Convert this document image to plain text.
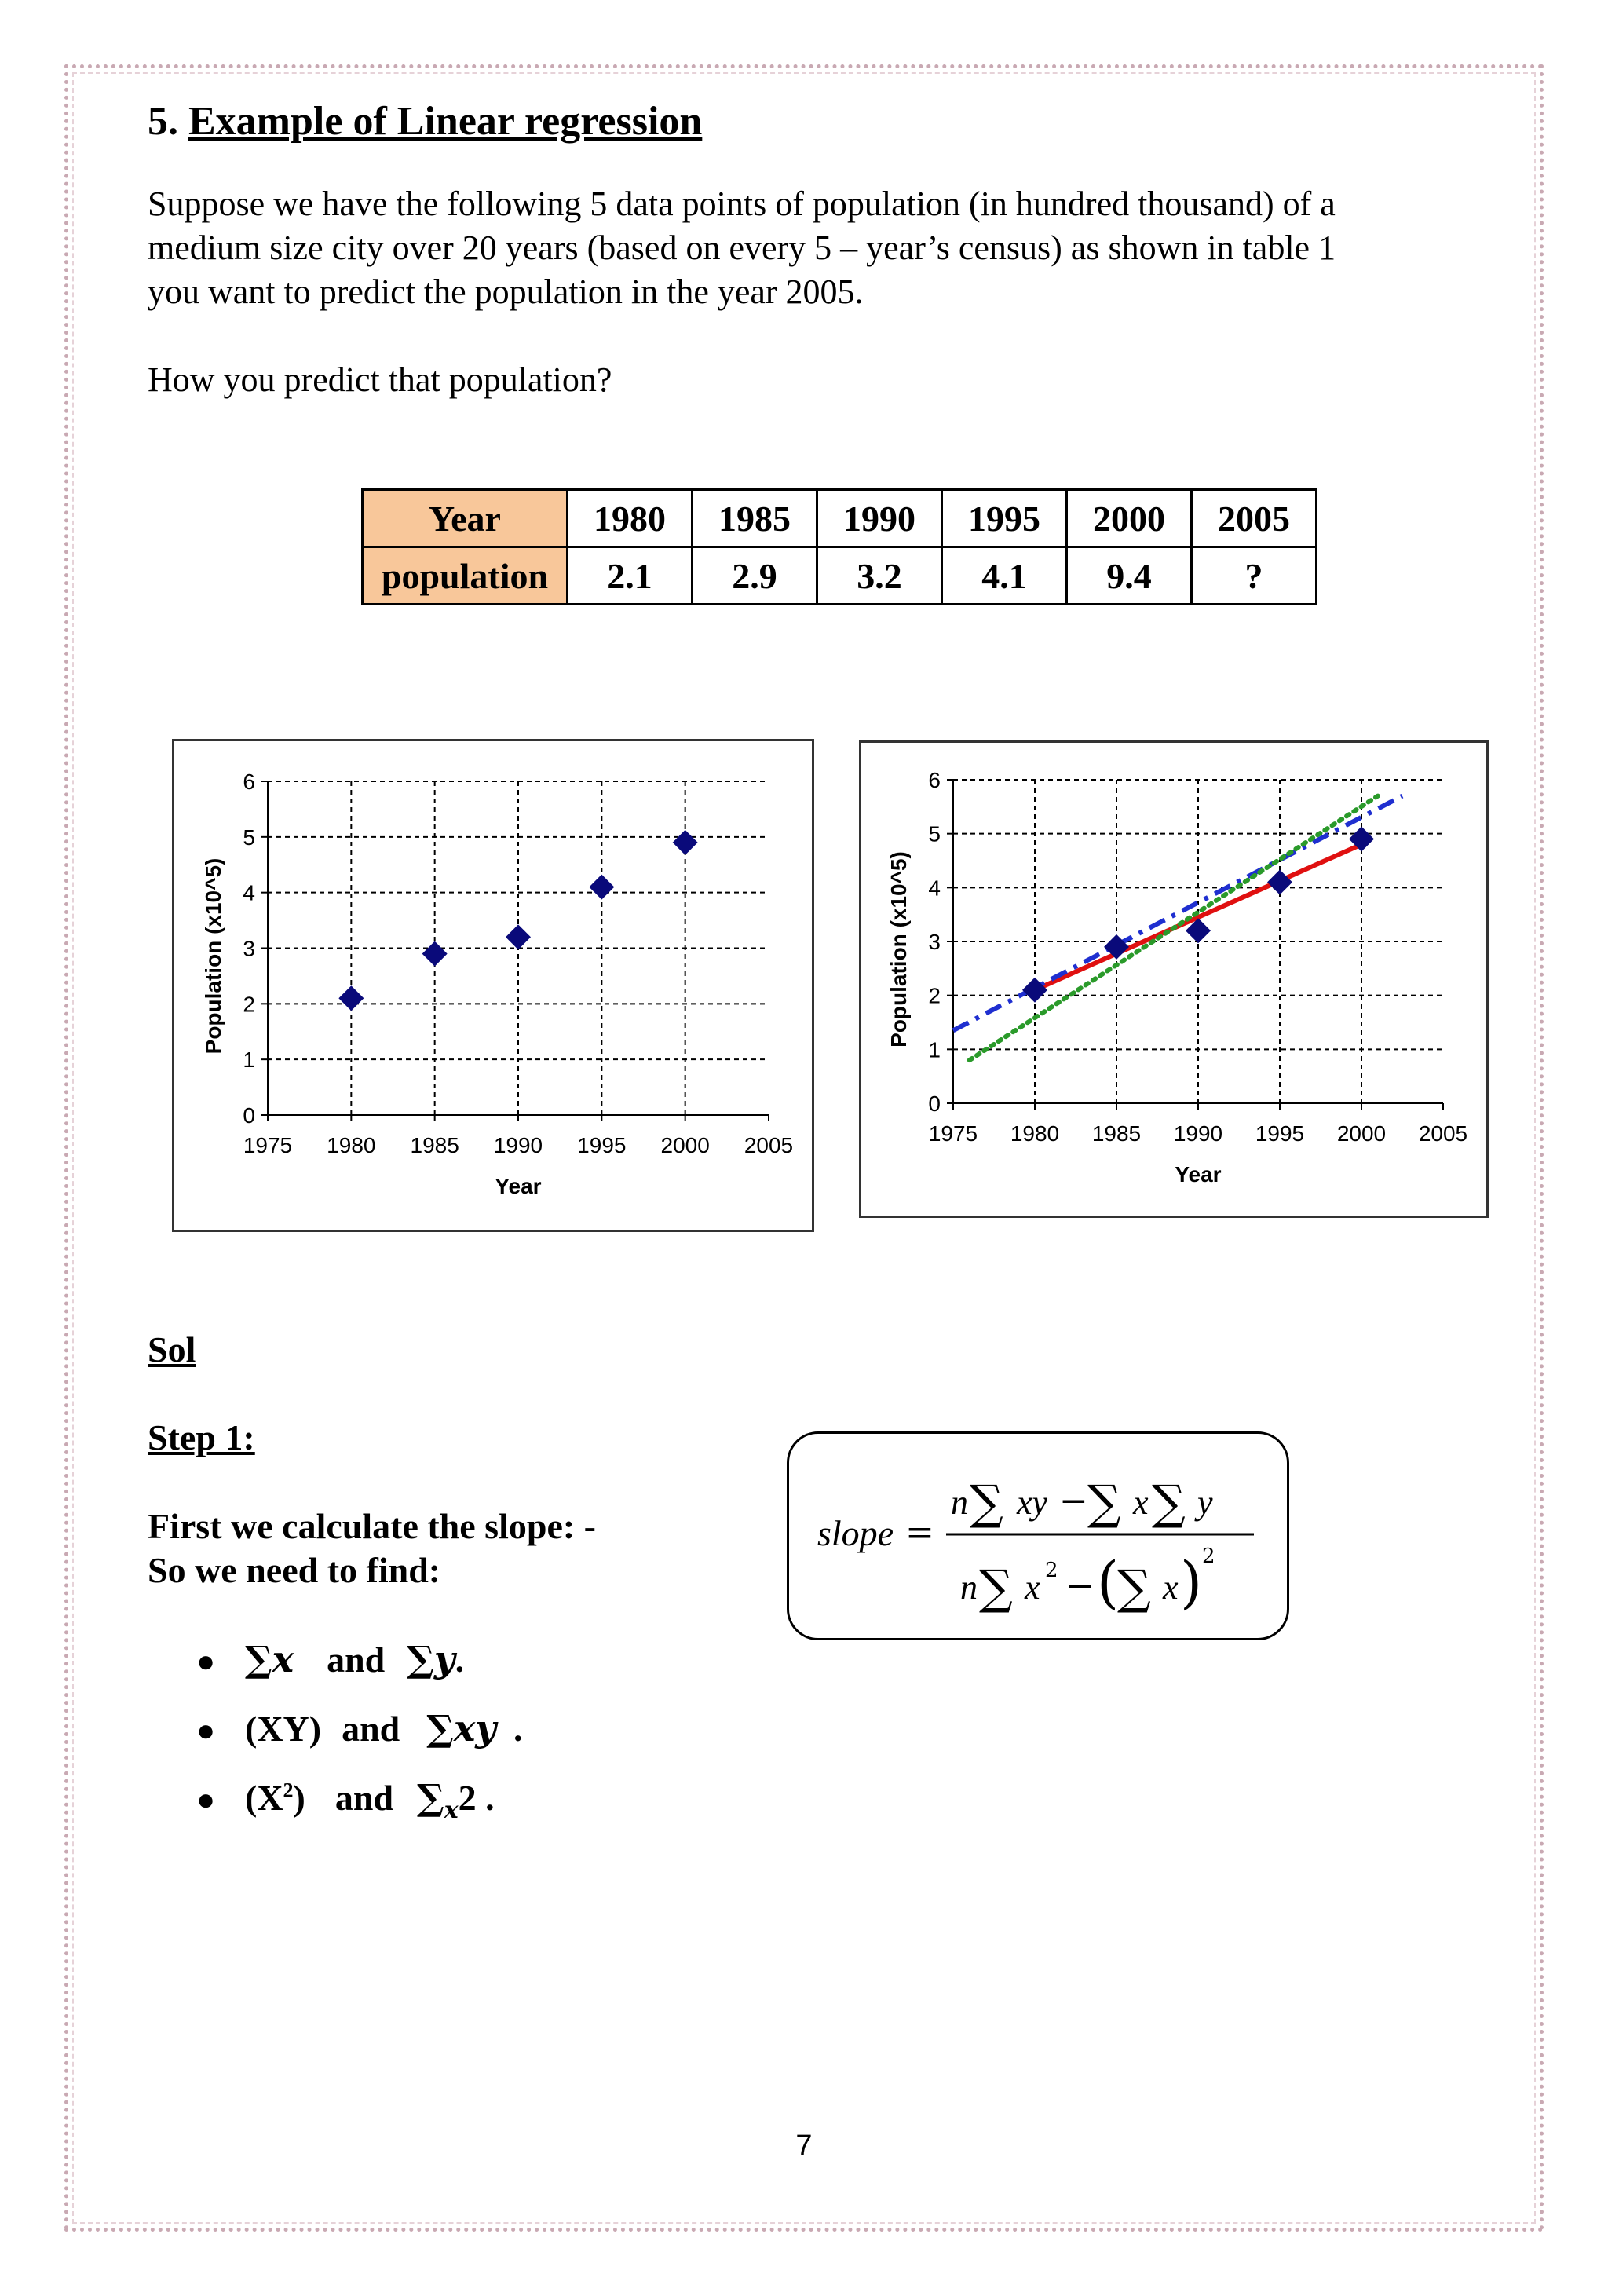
5. Example of Linear regression
Suppose we have the following 5 data points of population (in hundred thousand) of a
medium size city over 20 years (based on every 5 – year’s census) as shown in table 1
you want to predict the population in the year 2005.
How you predict that population?
Year	1980	1985	1990	1995	2000	2005
population	2.1	2.9	3.2	4.1	9.4	?
0
1
2
3
4
5
6
1975 1980 1985 1990 1995 2000 2005
Year
Population (x10^5)
0
1
2
3
4
5
6
1975 1980 1985 1990 1995 2000 2005
Year
Population (x10^5)
Sol
Step 1:
First we calculate the slope: -
So we need to find:
● ∑x and ∑y .
● (XY) and ∑xy .
● $(X^2)$ and $\sum_x2$ .
slope =
n ∑ xy − ∑ x ∑ y
n ∑ x 2 − (
∑ x ) 2
7
